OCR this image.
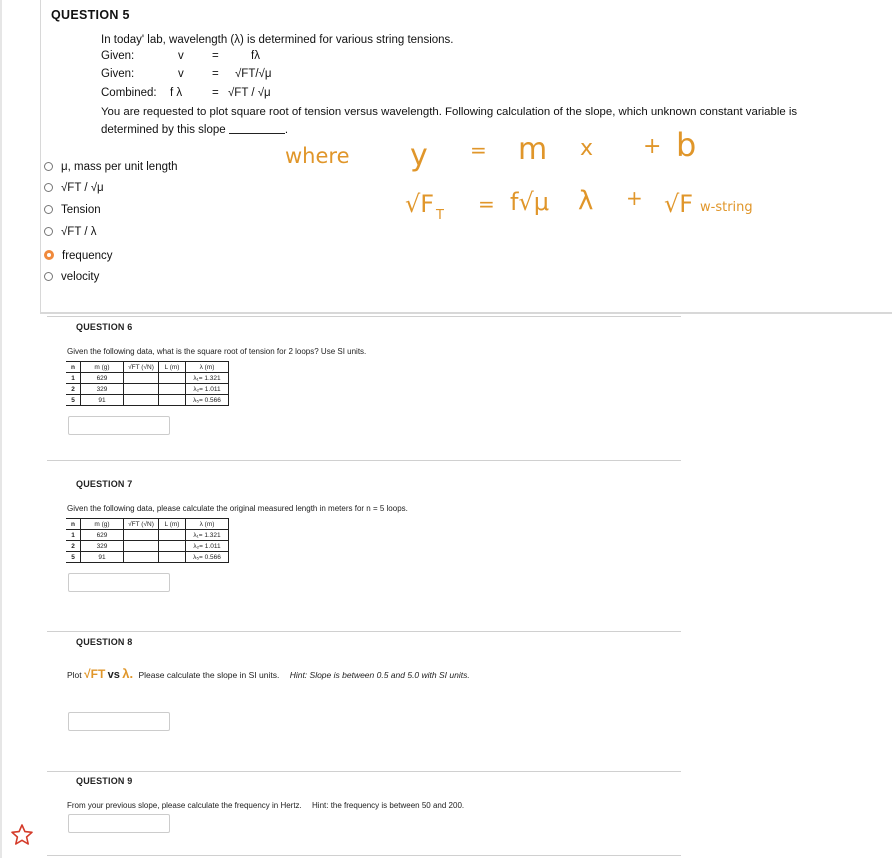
QUESTION 5
In today' lab, wavelength (λ) is determined for various string tensions.
Given:	v =	fλ
Given:	v = √FT/√μ
Combined: f λ	= √FT / √μ
You are requested to plot square root of tension versus wavelength. Following calculation of the slope, which unknown constant variable is
determined by this slope	.
μ, mass per unit length
√FT / √μ
Tension
√FT / λ
frequency
velocity
where y = m x + b
√F T = f√μ λ + √F w-string
QUESTION 6
Given the following data, what is the square root of tension for 2 loops? Use SI units.
n	m (g)	√FT (√N)	L (m)	λ (m)
1	629			λ₁= 1.321
2	329			λ₂= 1.011
5	91			λ₅= 0.566
QUESTION 7
Given the following data, please calculate the original measured length in meters for n = 5 loops.
n	m (g)	√FT (√N)	L (m)	λ (m)
1	629			λ₁= 1.321
2	329			λ₂= 1.011
5	91			λ₅= 0.566
QUESTION 8
Plot √FT vs λ. Please calculate the slope in SI units. Hint: Slope is between 0.5 and 5.0 with SI units.
QUESTION 9
From your previous slope, please calculate the frequency in Hertz. Hint: the frequency is between 50 and 200.
